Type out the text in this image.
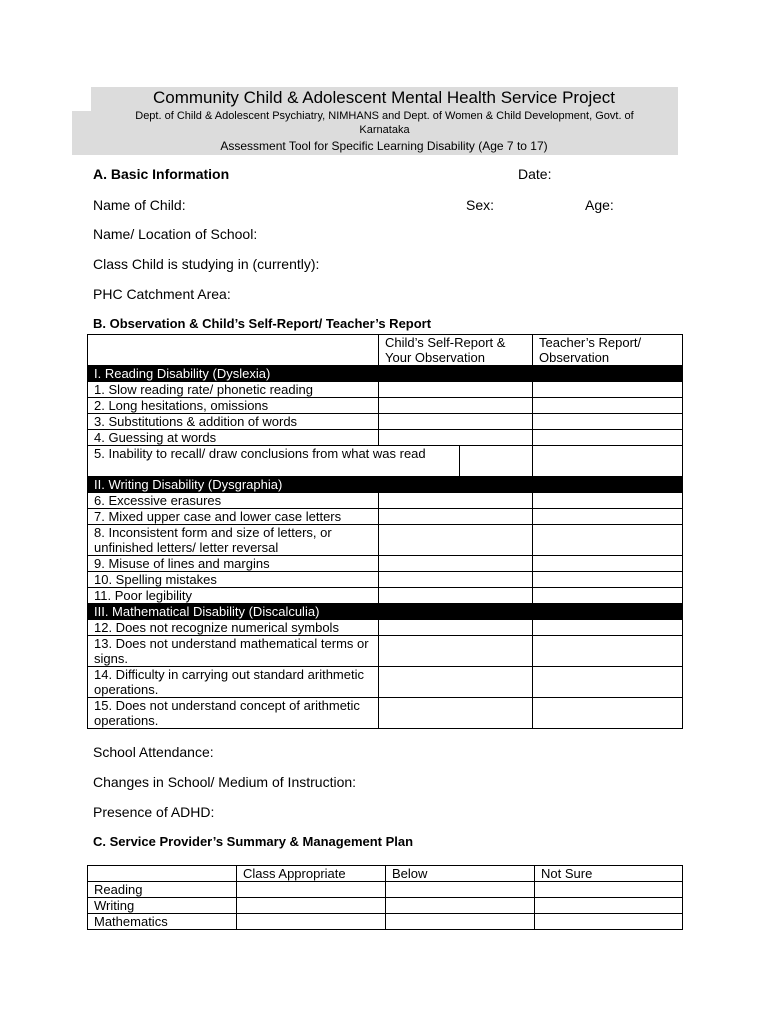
Community Child & Adolescent Mental Health Service Project
Dept. of Child & Adolescent Psychiatry, NIMHANS and Dept. of Women & Child Development, Govt. of Karnataka
Assessment Tool for Specific Learning Disability (Age 7 to 17)
A. Basic Information	Date:
Name of Child:	Sex:	Age:
Name/ Location of School:
Class Child is studying in (currently):
PHC Catchment Area:
B. Observation & Child’s Self-Report/ Teacher’s Report
	Child’s Self-Report & Your Observation		Teacher’s Report/ Observation
I. Reading Disability (Dyslexia)			
1. Slow reading rate/ phonetic reading			
2. Long hesitations, omissions			
3. Substitutions & addition of words			
4. Guessing at words			
5. Inability to recall/ draw conclusions from what was read			
II. Writing Disability (Dysgraphia)			
6. Excessive erasures			
7. Mixed upper case and lower case letters			
8. Inconsistent form and size of letters, or unfinished letters/ letter reversal			
9. Misuse of lines and margins			
10. Spelling mistakes			
11. Poor legibility			
III. Mathematical Disability (Discalculia)			
12. Does not recognize numerical symbols			
13. Does not understand mathematical terms or signs.			
14. Difficulty in carrying out standard arithmetic operations.			
15. Does not understand concept of arithmetic operations.			
School Attendance:
Changes in School/ Medium of Instruction:
Presence of ADHD:
C. Service Provider’s Summary & Management Plan
	Class Appropriate	Below	Not Sure
Reading			
Writing			
Mathematics			
